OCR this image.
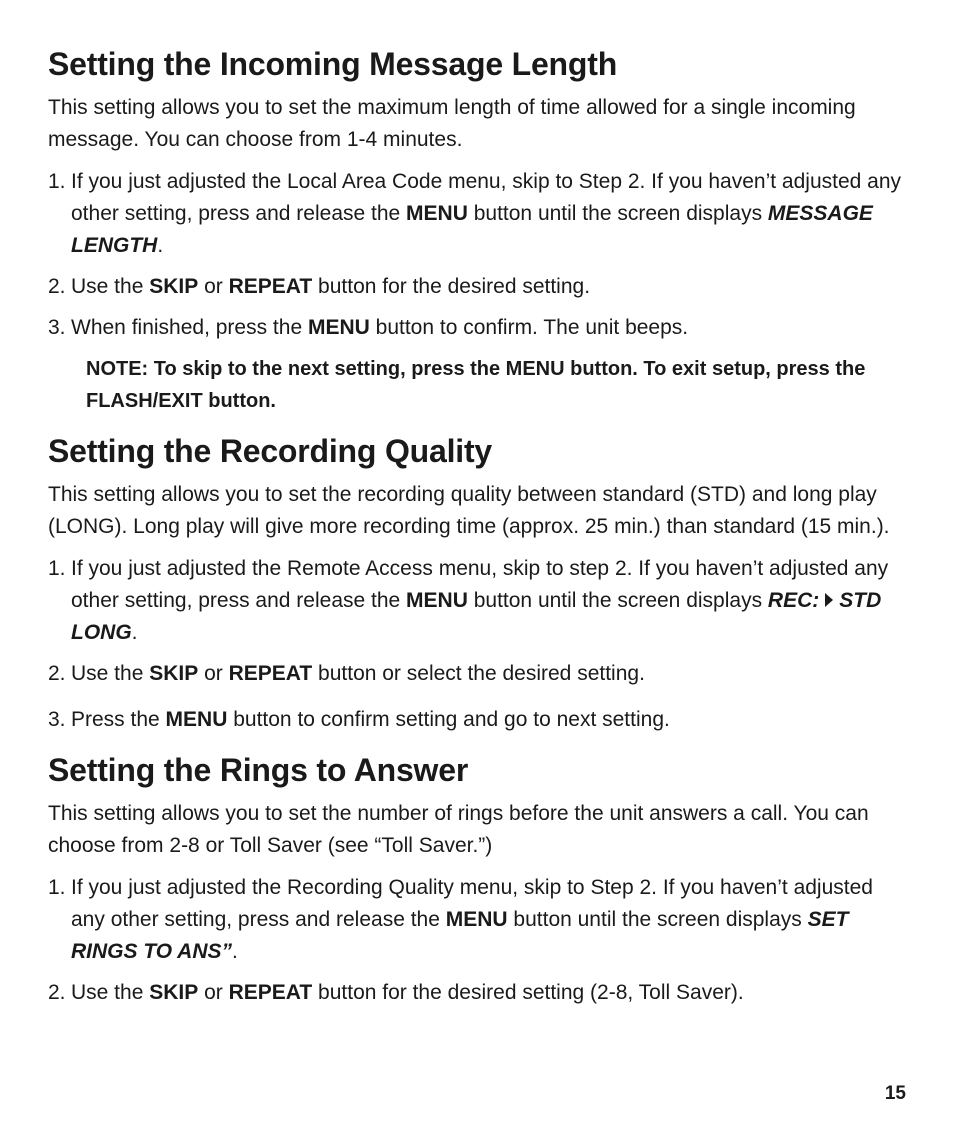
Setting the Incoming Message Length

This setting allows you to set the maximum length of time allowed for a single incoming message. You can choose from 1-4 minutes.

1. If you just adjusted the Local Area Code menu, skip to Step 2. If you haven’t adjusted any other setting, press and release the MENU button until the screen displays MESSAGE LENGTH.
2. Use the SKIP or REPEAT button for the desired setting.
3. When finished, press the MENU button to confirm. The unit beeps.
NOTE: To skip to the next setting, press the MENU button. To exit setup, press the FLASH/EXIT button.
Setting the Recording Quality

This setting allows you to set the recording quality between standard (STD) and long play (LONG). Long play will give more recording time (approx. 25 min.) than standard (15 min.).

1. If you just adjusted the Remote Access menu, skip to step 2. If you haven’t adjusted any other setting, press and release the MENU button until the screen displays REC: STD LONG.
2. Use the SKIP or REPEAT button or select the desired setting.
3. Press the MENU button to confirm setting and go to next setting.
Setting the Rings to Answer

This setting allows you to set the number of rings before the unit answers a call. You can choose from 2-8 or Toll Saver (see “Toll Saver.”)

1. If you just adjusted the Recording Quality menu, skip to Step 2. If you haven’t adjusted any other setting, press and release the MENU button until the screen displays SET RINGS TO ANS”.
2. Use the SKIP or REPEAT button for the desired setting (2-8, Toll Saver).
15
